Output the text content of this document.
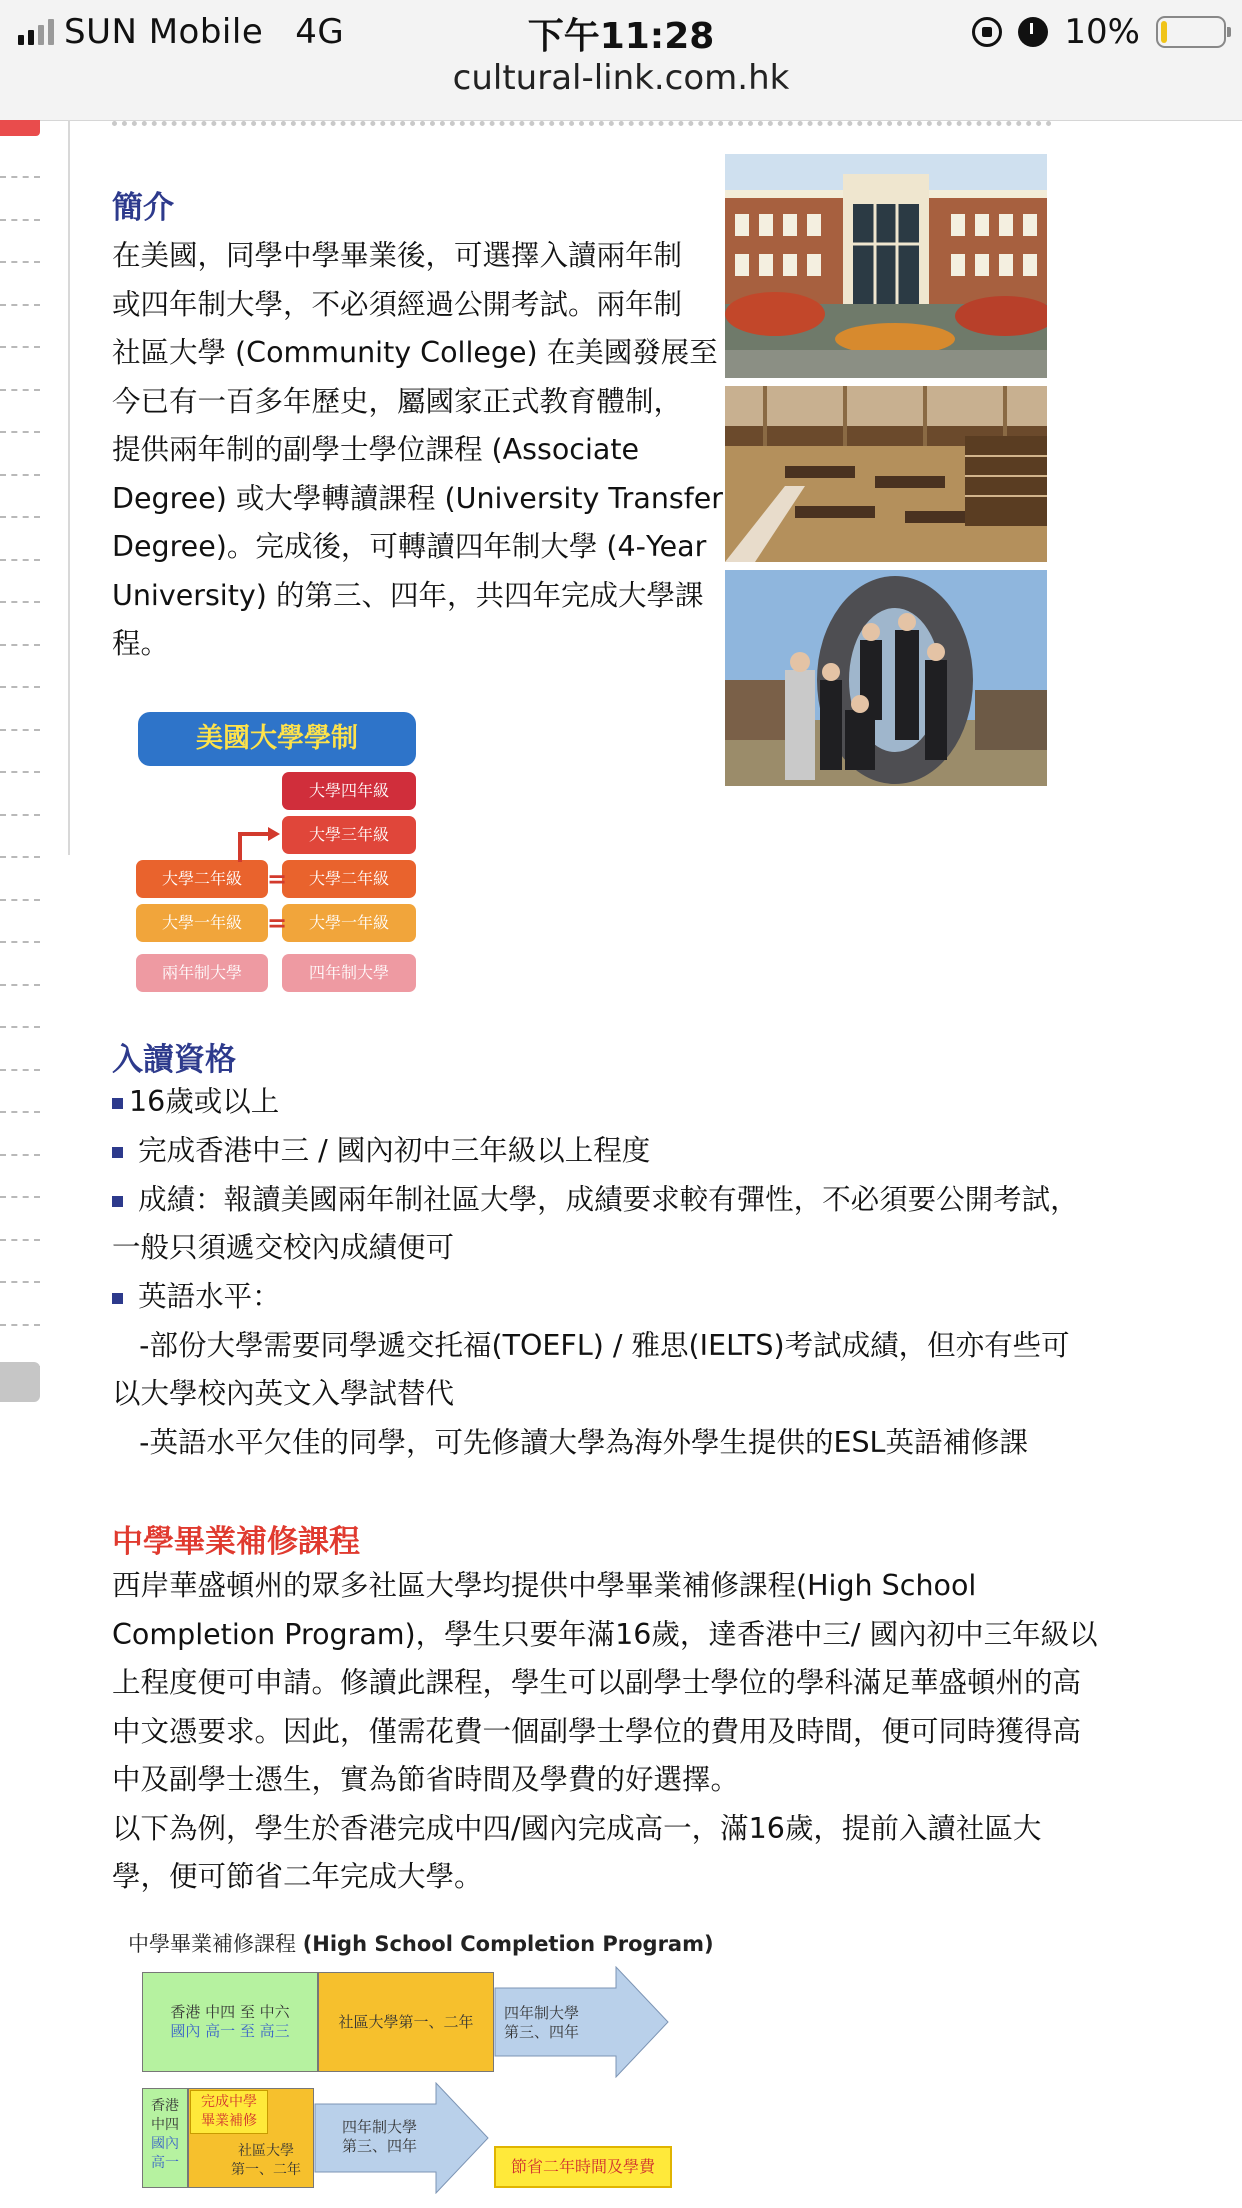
SUN Mobile 4G	下午11:28	10%
cultural-link.com.hk
簡介
在美國，同學中學畢業後，可選擇入讀兩年制
或四年制大學，不必須經過公開考試。兩年制
社區大學 (Community College) 在美國發展至
今已有一百多年歷史，屬國家正式教育體制，
提供兩年制的副學士學位課程 (Associate
Degree) 或大學轉讀課程 (University Transfer
Degree)。完成後，可轉讀四年制大學 (4-Year
University) 的第三、四年，共四年完成大學課
程。
美國大學學制
大學四年級
大學三年級
大學二年級
大學一年級
大學二年級
大學一年級
=
=
兩年制大學	四年制大學
入讀資格
16歲或以上
完成香港中三 / 國內初中三年級以上程度
成績：報讀美國兩年制社區大學，成績要求較有彈性，不必須要公開考試，
一般只須遞交校內成績便可
英語水平：
-部份大學需要同學遞交托福(TOEFL) / 雅思(IELTS)考試成績，但亦有些可
以大學校內英文入學試替代
-英語水平欠佳的同學，可先修讀大學為海外學生提供的ESL英語補修課
中學畢業補修課程
西岸華盛頓州的眾多社區大學均提供中學畢業補修課程(High School
Completion Program)，學生只要年滿16歲，達香港中三/ 國內初中三年級以
上程度便可申請。修讀此課程，學生可以副學士學位的學科滿足華盛頓州的高
中文憑要求。因此，僅需花費一個副學士學位的費用及時間，便可同時獲得高
中及副學士憑生，實為節省時間及學費的好選擇。
以下為例，學生於香港完成中四/國內完成高一，滿16歲，提前入讀社區大
學，便可節省二年完成大學。
中學畢業補修課程 (High School Completion Program)
香港 中四 至 中六
國內 高一 至 高三	社區大學第一、二年	四年制大學
第三、四年
香港
中四
國內
高一
完成中學
畢業補修
社區大學
第一、二年
四年制大學
第三、四年
節省二年時間及學費
